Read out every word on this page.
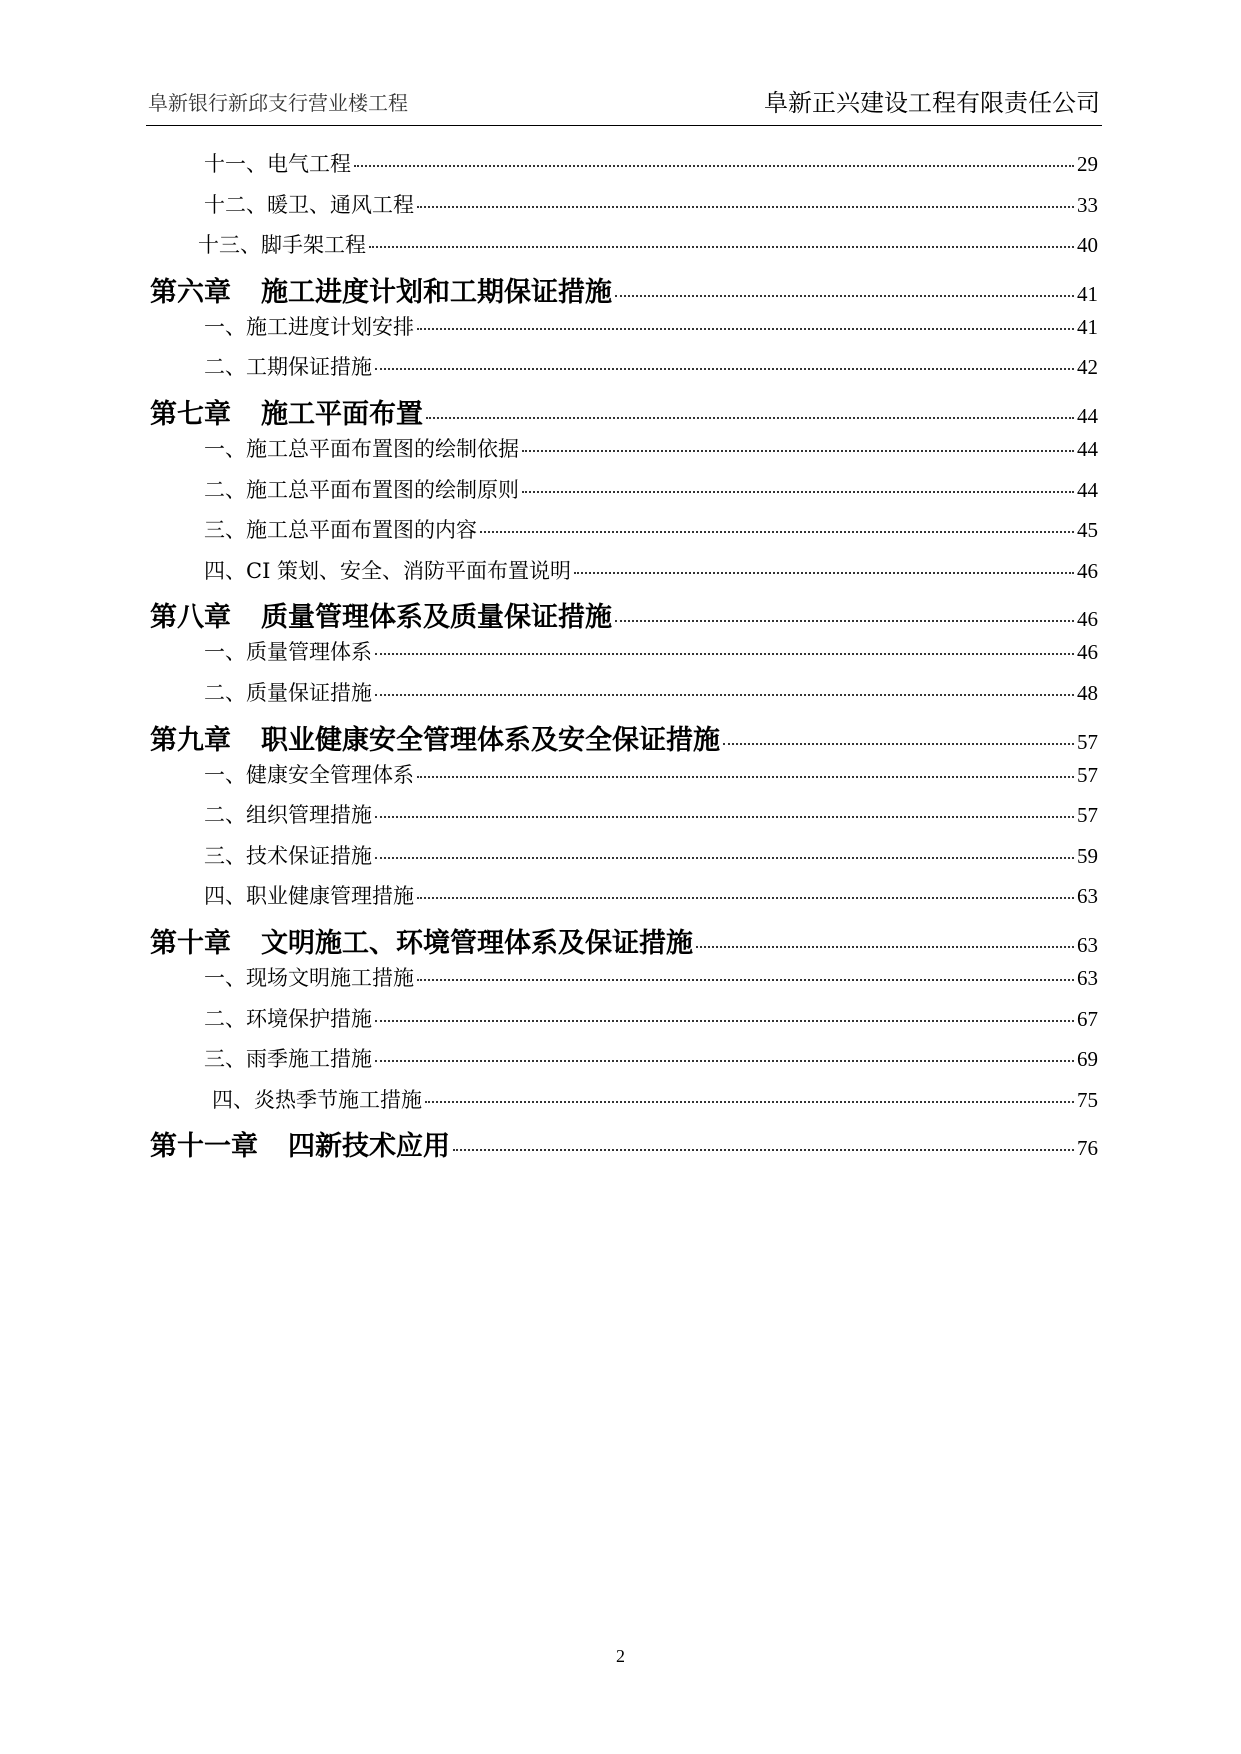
阜新银行新邱支行营业楼工程	阜新正兴建设工程有限责任公司
十一、电气工程	29
十二、暖卫、通风工程	33
十三、脚手架工程	40
第六章 施工进度计划和工期保证措施	41
一、施工进度计划安排	41
二、工期保证措施	42
第七章 施工平面布置	44
一、施工总平面布置图的绘制依据	44
二、施工总平面布置图的绘制原则	44
三、施工总平面布置图的内容	45
四、CI 策划、安全、消防平面布置说明	46
第八章 质量管理体系及质量保证措施	46
一、质量管理体系	46
二、质量保证措施	48
第九章 职业健康安全管理体系及安全保证措施	57
一、健康安全管理体系	57
二、组织管理措施	57
三、技术保证措施	59
四、职业健康管理措施	63
第十章 文明施工、环境管理体系及保证措施	63
一、现场文明施工措施	63
二、环境保护措施	67
三、雨季施工措施	69
四、炎热季节施工措施	75
第十一章 四新技术应用	76
2
